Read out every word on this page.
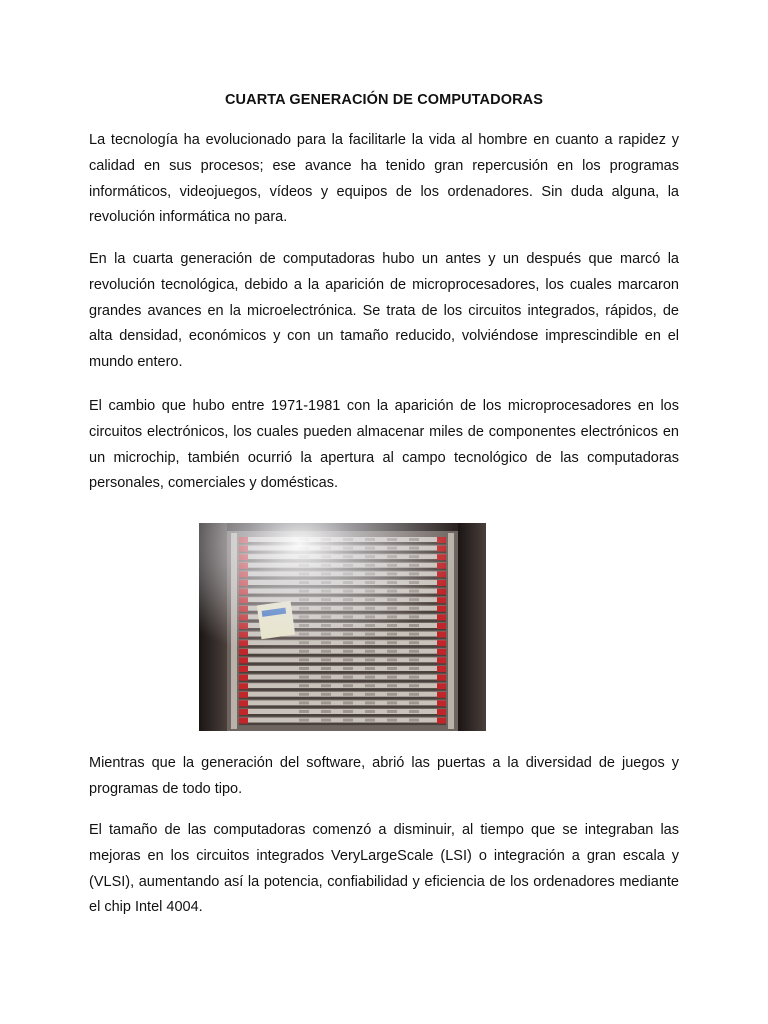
CUARTA GENERACIÓN DE COMPUTADORAS

La tecnología ha evolucionado para la facilitarle la vida al hombre en cuanto a rapidez y calidad en sus procesos; ese avance ha tenido gran repercusión en los programas informáticos, videojuegos, vídeos y equipos de los ordenadores. Sin duda alguna, la revolución informática no para.

En la cuarta generación de computadoras hubo un antes y un después que marcó la revolución tecnológica, debido a la aparición de microprocesadores, los cuales marcaron grandes avances en la microelectrónica. Se trata de los circuitos integrados, rápidos, de alta densidad, económicos y con un tamaño reducido, volviéndose imprescindible en el mundo entero.

El cambio que hubo entre 1971-1981 con la aparición de los microprocesadores en los circuitos electrónicos, los cuales pueden almacenar miles de componentes electrónicos en un microchip, también ocurrió la apertura al campo tecnológico de las computadoras personales, comerciales y domésticas.

Mientras que la generación del software, abrió las puertas a la diversidad de juegos y programas de todo tipo.

El tamaño de las computadoras comenzó a disminuir, al tiempo que se integraban las mejoras en los circuitos integrados VeryLargeScale (LSI) o integración a gran escala y (VLSI), aumentando así la potencia, confiabilidad y eficiencia de los ordenadores mediante el chip Intel 4004.
